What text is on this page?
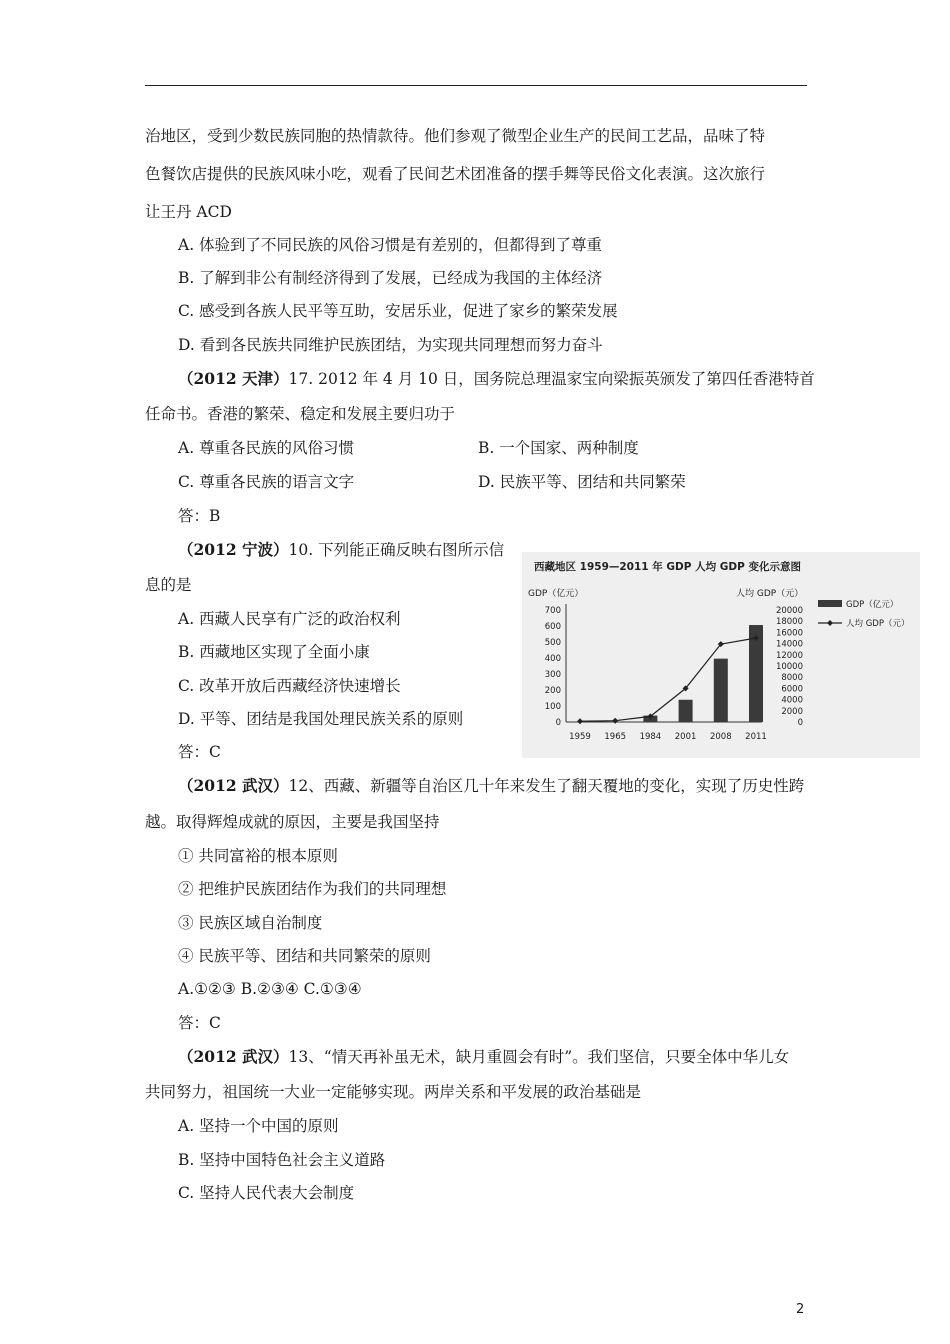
治地区，受到少数民族同胞的热情款待。他们参观了微型企业生产的民间工艺品，品味了特
色餐饮店提供的民族风味小吃，观看了民间艺术团准备的摆手舞等民俗文化表演。这次旅行
让王丹 ACD
A. 体验到了不同民族的风俗习惯是有差别的，但都得到了尊重
B. 了解到非公有制经济得到了发展，已经成为我国的主体经济
C. 感受到各族人民平等互助，安居乐业，促进了家乡的繁荣发展
D. 看到各民族共同维护民族团结，为实现共同理想而努力奋斗
（2012 天津）17. 2012 年 4 月 10 日，国务院总理温家宝向梁振英颁发了第四任香港特首
任命书。香港的繁荣、稳定和发展主要归功于
A. 尊重各民族的风俗习惯	B. 一个国家、两种制度
C. 尊重各民族的语言文字	D. 民族平等、团结和共同繁荣
答：B
（2012 宁波）10. 下列能正确反映右图所示信
息的是
A. 西藏人民享有广泛的政治权利
B. 西藏地区实现了全面小康
C. 改革开放后西藏经济快速增长
D. 平等、团结是我国处理民族关系的原则
答：C
西藏地区 1959—2011 年 GDP 人均 GDP 变化示意图
GDP（亿元）	人均 GDP（元）
700
600
500
400
300
200
100
0
20000
18000
16000
14000
12000
10000
8000
6000
4000
2000
0
1959 1965 1984 2001 2008 2011
GDP（亿元）
人均 GDP（元）
（2012 武汉）12、西藏、新疆等自治区几十年来发生了翻天覆地的变化，实现了历史性跨
越。取得辉煌成就的原因，主要是我国坚持
① 共同富裕的根本原则
② 把维护民族团结作为我们的共同理想
③ 民族区域自治制度
④ 民族平等、团结和共同繁荣的原则
A.①②③ B.②③④ C.①③④
答：C
（2012 武汉）13、“情天再补虽无术，缺月重圆会有时”。我们坚信，只要全体中华儿女
共同努力，祖国统一大业一定能够实现。两岸关系和平发展的政治基础是
A. 坚持一个中国的原则
B. 坚持中国特色社会主义道路
C. 坚持人民代表大会制度
2
